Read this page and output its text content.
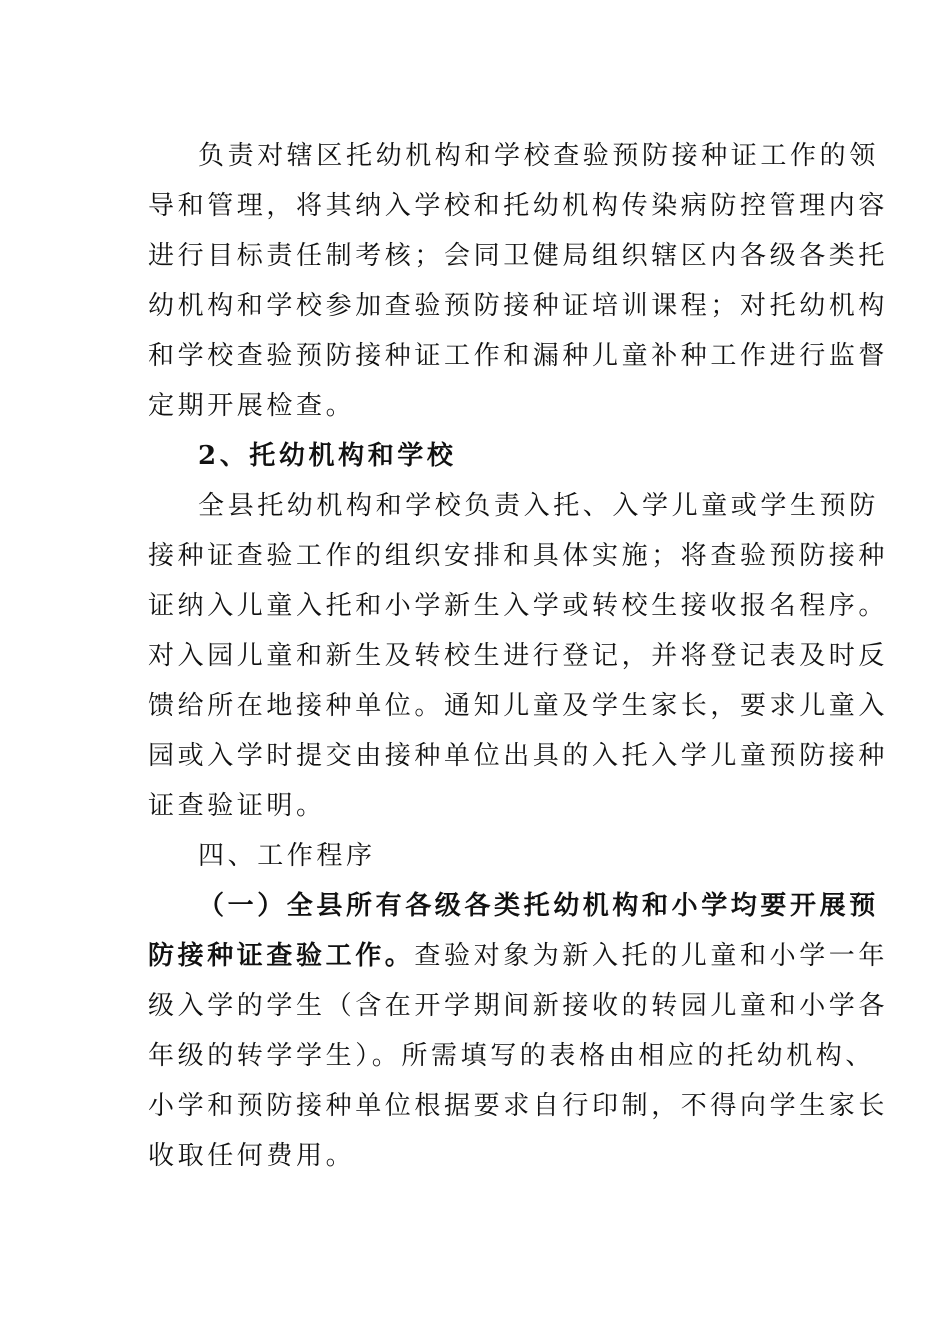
负责对辖区托幼机构和学校查验预防接种证工作的领
导和管理，将其纳入学校和托幼机构传染病防控管理内容
进行目标责任制考核；会同卫健局组织辖区内各级各类托
幼机构和学校参加查验预防接种证培训课程；对托幼机构
和学校查验预防接种证工作和漏种儿童补种工作进行监督
定期开展检查。
2、托幼机构和学校
全县托幼机构和学校负责入托、入学儿童或学生预防
接种证查验工作的组织安排和具体实施；将查验预防接种
证纳入儿童入托和小学新生入学或转校生接收报名程序。
对入园儿童和新生及转校生进行登记，并将登记表及时反
馈给所在地接种单位。通知儿童及学生家长，要求儿童入
园或入学时提交由接种单位出具的入托入学儿童预防接种
证查验证明。
四、工作程序
（一）全县所有各级各类托幼机构和小学均要开展预
防接种证查验工作。查验对象为新入托的儿童和小学一年
级入学的学生（含在开学期间新接收的转园儿童和小学各
年级的转学学生）。所需填写的表格由相应的托幼机构、
小学和预防接种单位根据要求自行印制，不得向学生家长
收取任何费用。
